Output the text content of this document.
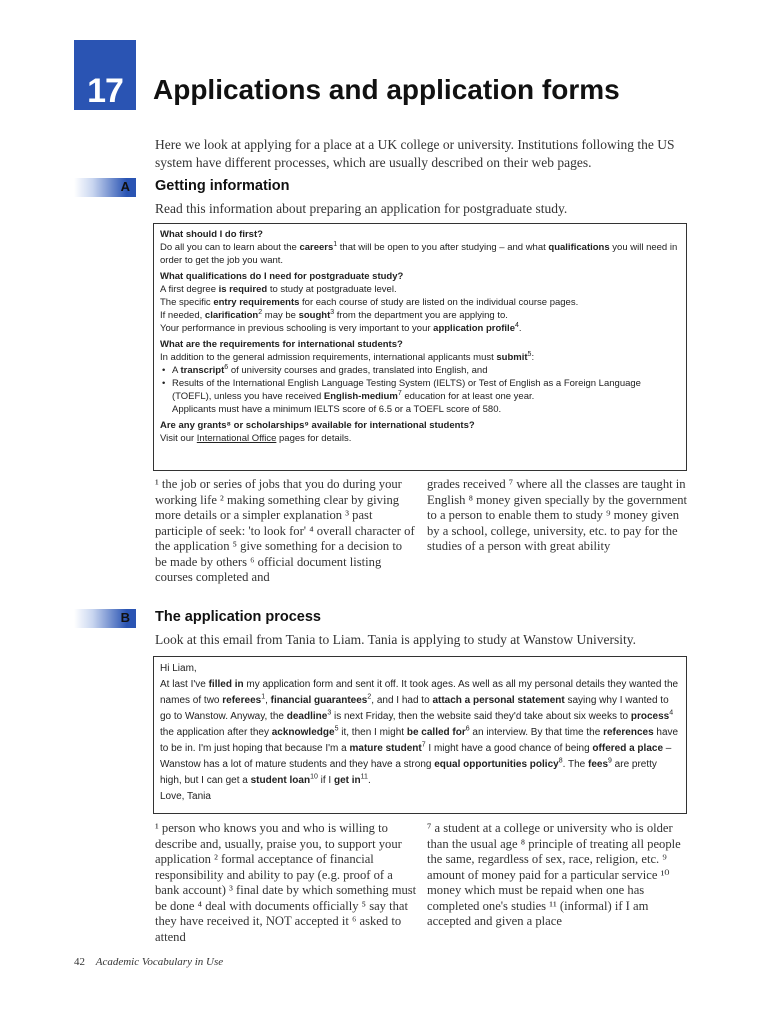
17	Applications and application forms
Here we look at applying for a place at a UK college or university. Institutions following the US system have different processes, which are usually described on their web pages.
A Getting information
Read this information about preparing an application for postgraduate study.
What should I do first?
Do all you can to learn about the careers$^1$ that will be open to you after studying – and what qualifications you will need in order to get the job you want.
What qualifications do I need for postgraduate study?
A first degree is required to study at postgraduate level.
The specific entry requirements for each course of study are listed on the individual course pages.
If needed, clarification$^2$ may be sought$^3$ from the department you are applying to.
Your performance in previous schooling is very important to your application profile$^4$.
What are the requirements for international students?
In addition to the general admission requirements, international applicants must submit$^5$:
• A transcript$^6$ of university courses and grades, translated into English, and
• Results of the International English Language Testing System (IELTS) or Test of English as a Foreign Language (TOEFL), unless you have received English-medium$^7$ education for at least one year.
Applicants must have a minimum IELTS score of 6.5 or a TOEFL score of 580.
Are any grants⁸ or scholarships⁹ available for international students?
Visit our International Office pages for details.
¹ the job or series of jobs that you do during your working life ² making something clear by giving more details or a simpler explanation ³ past participle of seek: 'to look for' ⁴ overall character of the application ⁵ give something for a decision to be made by others ⁶ official document listing courses completed and
grades received ⁷ where all the classes are taught in English ⁸ money given specially by the government to a person to enable them to study ⁹ money given by a school, college, university, etc. to pay for the studies of a person with great ability
B The application process
Look at this email from Tania to Liam. Tania is applying to study at Wanstow University.
Hi Liam,
At last I've filled in my application form and sent it off. It took ages. As well as all my personal details they wanted the names of two referees$^1$, financial guarantees$^2$, and I had to attach a personal statement saying why I wanted to go to Wanstow. Anyway, the deadline$^3$ is next Friday, then the website said they'd take about six weeks to process$^4$ the application after they acknowledge$^5$ it, then I might be called for$^6$ an interview. By that time the references have to be in. I'm just hoping that because I'm a mature student$^7$ I might have a good chance of being offered a place – Wanstow has a lot of mature students and they have a strong equal opportunities policy$^8$. The fees$^9$ are pretty high, but I can get a student loan$^{10}$ if I get $in^{11}$.
Love, Tania
¹ person who knows you and who is willing to describe and, usually, praise you, to support your application ² formal acceptance of financial responsibility and ability to pay (e.g. proof of a bank account) ³ final date by which something must be done ⁴ deal with documents officially ⁵ say that they have received it, NOT accepted it ⁶ asked to attend
⁷ a student at a college or university who is older than the usual age ⁸ principle of treating all people the same, regardless of sex, race, religion, etc. ⁹ amount of money paid for a particular service ¹⁰ money which must be repaid when one has completed one's studies ¹¹ (informal) if I am accepted and given a place
42 Academic Vocabulary in Use
